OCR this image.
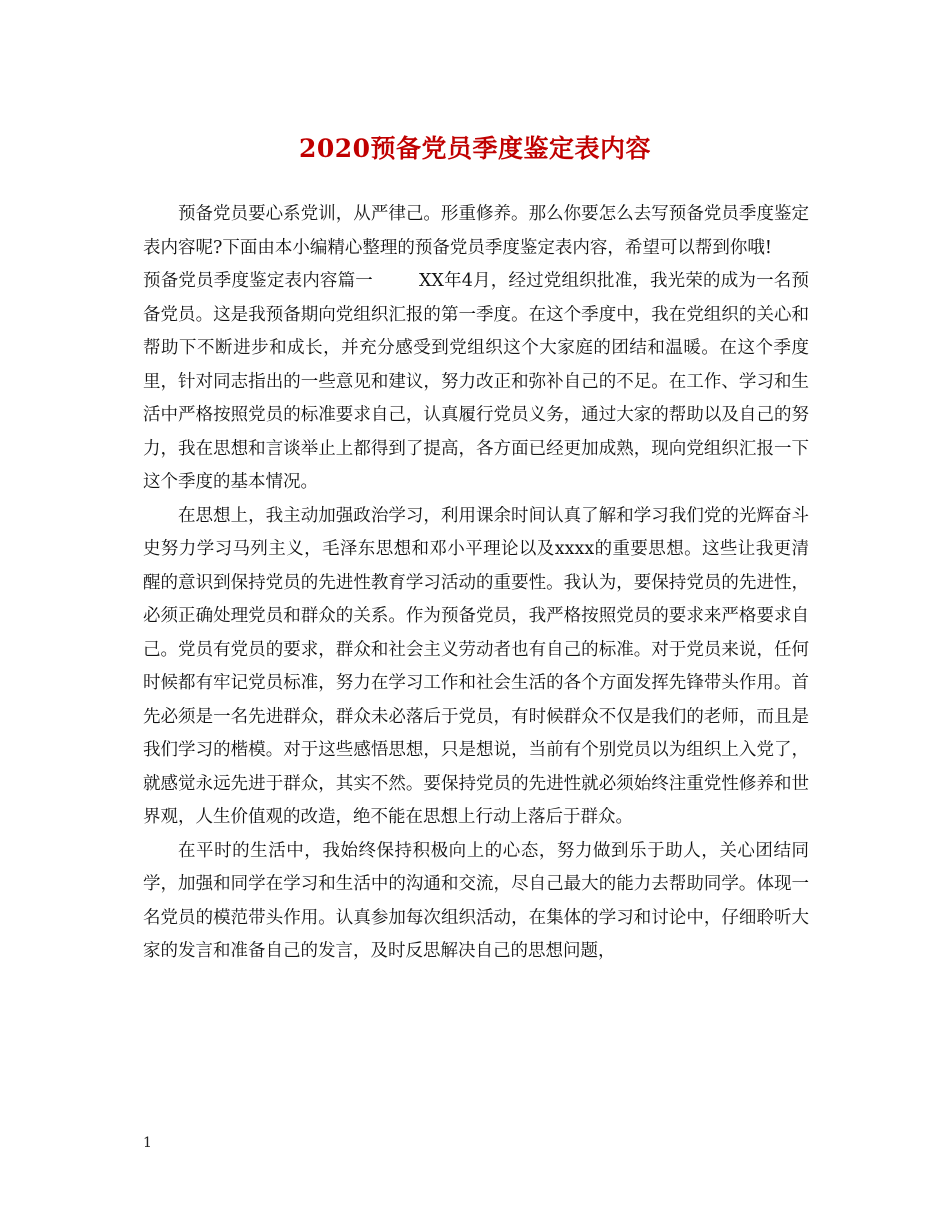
2020预备党员季度鉴定表内容

预备党员要心系党训，从严律己。形重修养。那么你要怎么去写预备党员季度鉴定表内容呢?下面由本小编精心整理的预备党员季度鉴定表内容，希望可以帮到你哦!

预备党员季度鉴定表内容篇一	XX年4月，经过党组织批准，我光荣的成为一名预备党员。这是我预备期向党组织汇报的第一季度。在这个季度中，我在党组织的关心和帮助下不断进步和成长，并充分感受到党组织这个大家庭的团结和温暖。在这个季度里，针对同志指出的一些意见和建议，努力改正和弥补自己的不足。在工作、学习和生活中严格按照党员的标准要求自己，认真履行党员义务，通过大家的帮助以及自己的努力，我在思想和言谈举止上都得到了提高，各方面已经更加成熟，现向党组织汇报一下这个季度的基本情况。

在思想上，我主动加强政治学习，利用课余时间认真了解和学习我们党的光辉奋斗史努力学习马列主义，毛泽东思想和邓小平理论以及xxxx的重要思想。这些让我更清醒的意识到保持党员的先进性教育学习活动的重要性。我认为，要保持党员的先进性，必须正确处理党员和群众的关系。作为预备党员，我严格按照党员的要求来严格要求自己。党员有党员的要求，群众和社会主义劳动者也有自己的标准。对于党员来说，任何时候都有牢记党员标准，努力在学习工作和社会生活的各个方面发挥先锋带头作用。首先必须是一名先进群众，群众未必落后于党员，有时候群众不仅是我们的老师，而且是我们学习的楷模。对于这些感悟思想，只是想说，当前有个别党员以为组织上入党了，就感觉永远先进于群众，其实不然。要保持党员的先进性就必须始终注重党性修养和世界观，人生价值观的改造，绝不能在思想上行动上落后于群众。

在平时的生活中，我始终保持积极向上的心态，努力做到乐于助人，关心团结同学，加强和同学在学习和生活中的沟通和交流，尽自己最大的能力去帮助同学。体现一名党员的模范带头作用。认真参加每次组织活动，在集体的学习和讨论中，仔细聆听大家的发言和准备自己的发言，及时反思解决自己的思想问题，

1
